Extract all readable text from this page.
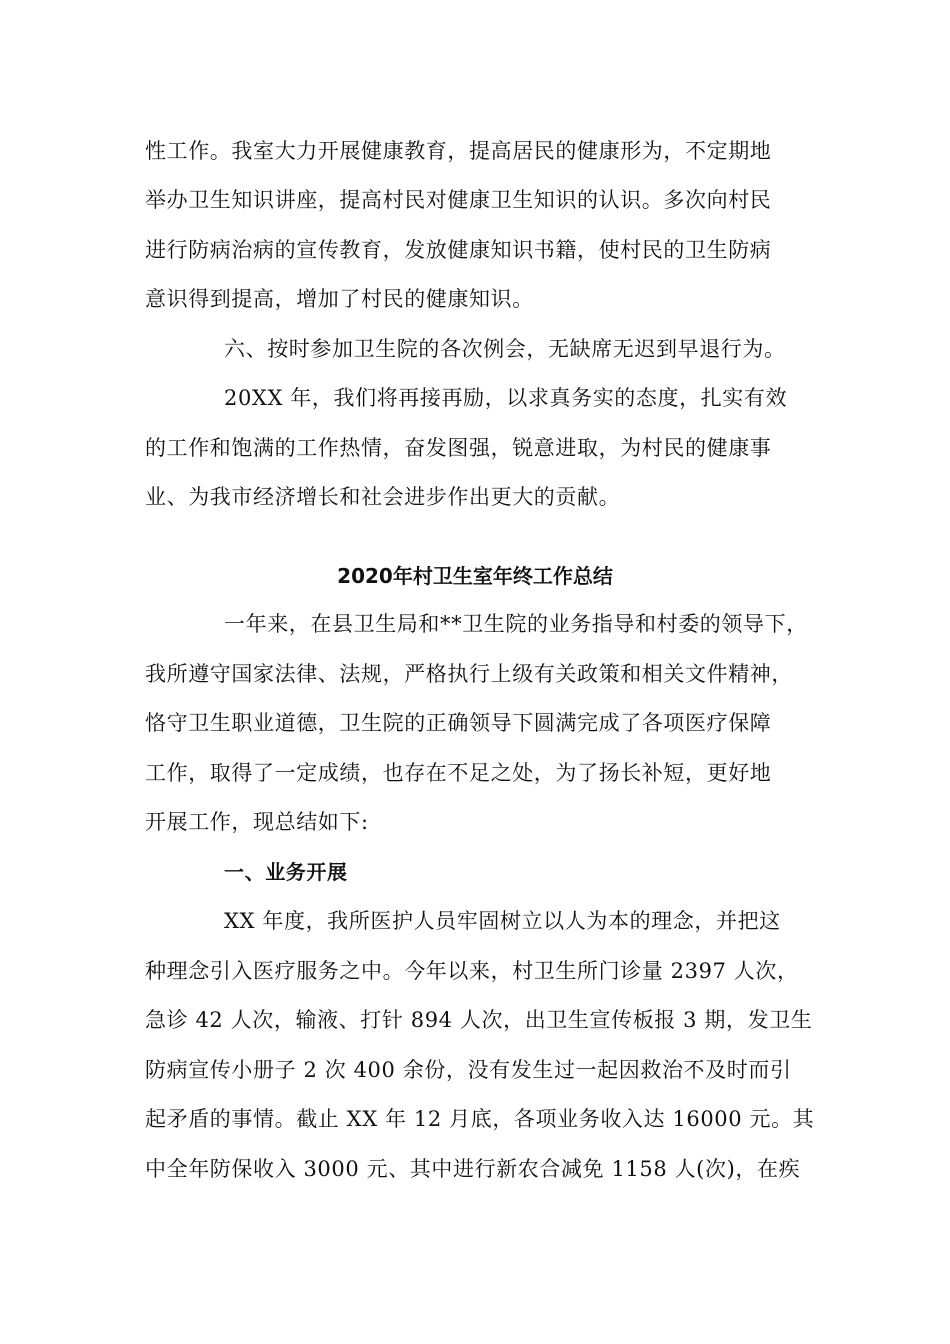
性工作。我室大力开展健康教育，提高居民的健康形为，不定期地
举办卫生知识讲座，提高村民对健康卫生知识的认识。多次向村民
进行防病治病的宣传教育，发放健康知识书籍，使村民的卫生防病
意识得到提高，增加了村民的健康知识。
六、按时参加卫生院的各次例会，无缺席无迟到早退行为。
20XX 年，我们将再接再励，以求真务实的态度，扎实有效
的工作和饱满的工作热情，奋发图强，锐意进取，为村民的健康事
业、为我市经济增长和社会进步作出更大的贡献。
2020年村卫生室年终工作总结
一年来，在县卫生局和**卫生院的业务指导和村委的领导下，
我所遵守国家法律、法规，严格执行上级有关政策和相关文件精神，
恪守卫生职业道德，卫生院的正确领导下圆满完成了各项医疗保障
工作，取得了一定成绩，也存在不足之处，为了扬长补短，更好地
开展工作，现总结如下:
一、业务开展
XX 年度，我所医护人员牢固树立以人为本的理念，并把这
种理念引入医疗服务之中。今年以来，村卫生所门诊量 2397 人次，
急诊 42 人次，输液、打针 894 人次，出卫生宣传板报 3 期，发卫生
防病宣传小册子 2 次 400 余份，没有发生过一起因救治不及时而引
起矛盾的事情。截止 XX 年 12 月底，各项业务收入达 16000 元。其
中全年防保收入 3000 元、其中进行新农合减免 1158 人(次)，在疾
